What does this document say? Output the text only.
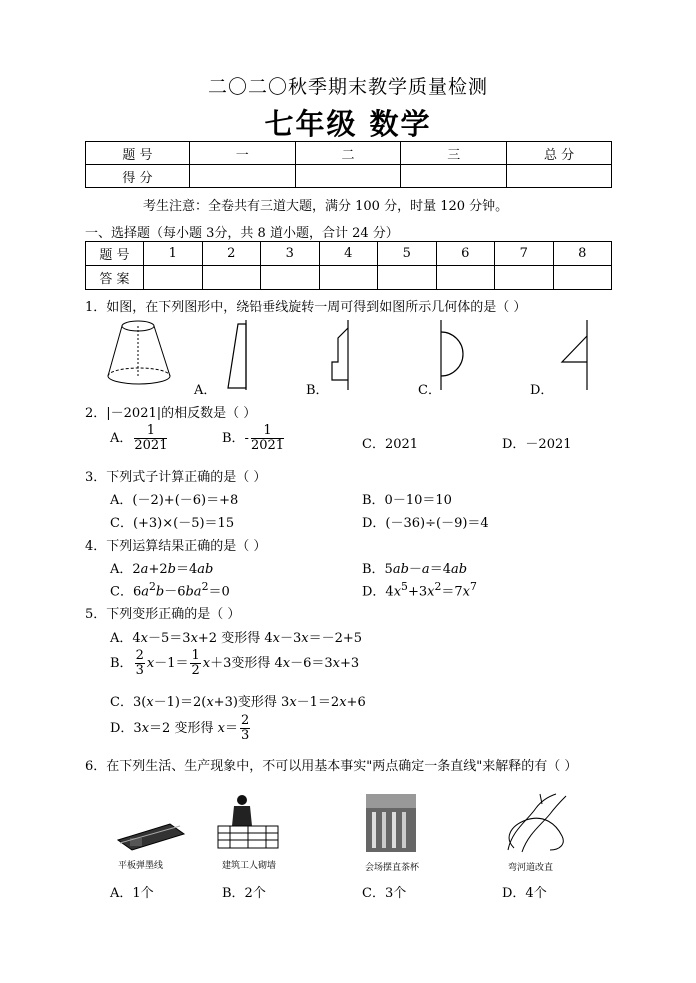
二〇二〇秋季期末教学质量检测
七年级 数学
题 号	一	二	三	总 分
得 分				
考生注意：全卷共有三道大题，满分 100 分，时量 120 分钟。
一、选择题（每小题 3分，共 8 道小题，合计 24 分）
题 号	1	2	3	4	5	6	7	8
答 案								
1．如图，在下列图形中，绕铅垂线旋转一周可得到如图所示几何体的是（ ）
A．	B．	C．	D．
2．|－2021|的相反数是（ ）
A． $\frac{1}{2021}$	B．- $\frac{1}{2021}$	C．2021	D．－2021
3．下列式子计算正确的是（ ）
A．(－2)+(－6)＝+8	B．0－10＝10
C．(+3)×(－5)＝15	D．(－36)÷(－9)＝4
4．下列运算结果正确的是（ ）
A．2a+2b＝4ab	B．5ab－a＝4ab
C．$6a^2b-6ba^2=0$	D．$4x^5+3x^2=7x^7$
5．下列变形正确的是（ ）
A．4x－5＝3x+2 变形得 4x－3x＝－2+5
B． $\frac{2}{3} x-1= \frac{1}{2} x+3$变形得 4x－6＝3x+3
C．3(x－1)＝2(x+3)变形得 3x－1＝2x+6
D．3x＝2 变形得 $x= \frac{2}{3}$
6．在下列生活、生产现象中，不可以用基本事实"两点确定一条直线"来解释的有（ ）
平板弹墨线	建筑工人砌墙	会场摆直茶杯	弯河道改直
A．1个	B．2个	C．3个	D．4个
